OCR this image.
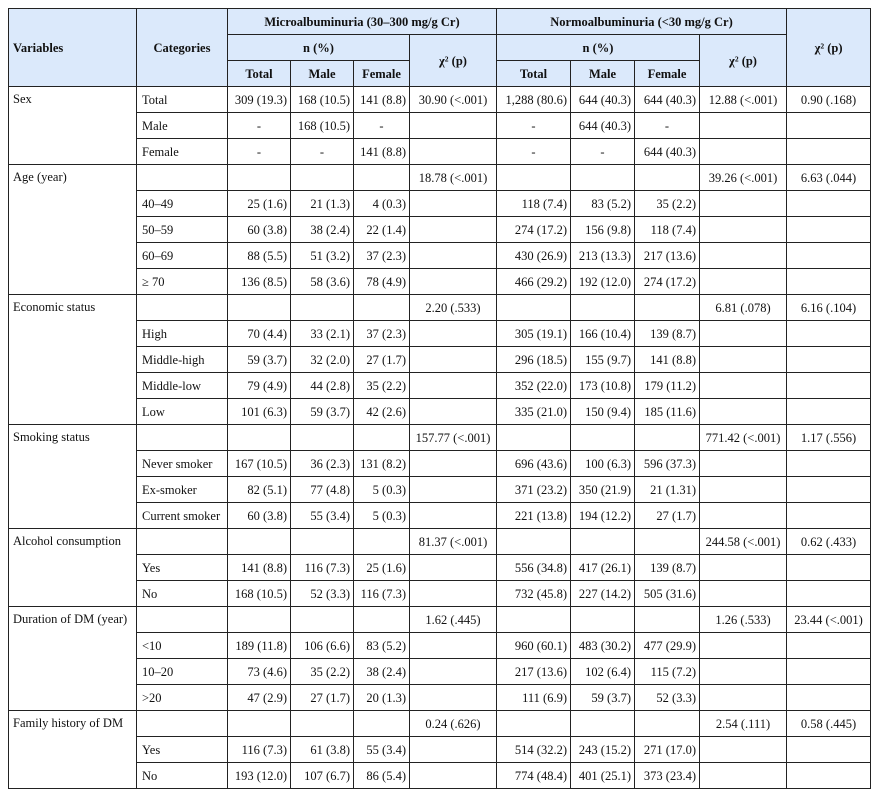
Variables	Categories	Microalbuminuria (30–300 mg/g Cr)				Normoalbuminuria (<30 mg/g Cr)				χ² (p)
		n (%)			χ² (p)	n (%)			χ² (p)	
		Total	Male	Female		Total	Male	Female		
Sex	Total	309 (19.3)	168 (10.5)	141 (8.8)	30.90 (<.001)	1,288 (80.6)	644 (40.3)	644 (40.3)	12.88 (<.001)	0.90 (.168)
	Male	-	168 (10.5)	-		-	644 (40.3)	-		
	Female	-	-	141 (8.8)		-	-	644 (40.3)		
Age (year)					18.78 (<.001)				39.26 (<.001)	6.63 (.044)
	40–49	25 (1.6)	21 (1.3)	4 (0.3)		118 (7.4)	83 (5.2)	35 (2.2)		
	50–59	60 (3.8)	38 (2.4)	22 (1.4)		274 (17.2)	156 (9.8)	118 (7.4)		
	60–69	88 (5.5)	51 (3.2)	37 (2.3)		430 (26.9)	213 (13.3)	217 (13.6)		
	≥ 70	136 (8.5)	58 (3.6)	78 (4.9)		466 (29.2)	192 (12.0)	274 (17.2)		
Economic status					2.20 (.533)				6.81 (.078)	6.16 (.104)
	High	70 (4.4)	33 (2.1)	37 (2.3)		305 (19.1)	166 (10.4)	139 (8.7)		
	Middle-high	59 (3.7)	32 (2.0)	27 (1.7)		296 (18.5)	155 (9.7)	141 (8.8)		
	Middle-low	79 (4.9)	44 (2.8)	35 (2.2)		352 (22.0)	173 (10.8)	179 (11.2)		
	Low	101 (6.3)	59 (3.7)	42 (2.6)		335 (21.0)	150 (9.4)	185 (11.6)		
Smoking status					157.77 (<.001)				771.42 (<.001)	1.17 (.556)
	Never smoker	167 (10.5)	36 (2.3)	131 (8.2)		696 (43.6)	100 (6.3)	596 (37.3)		
	Ex-smoker	82 (5.1)	77 (4.8)	5 (0.3)		371 (23.2)	350 (21.9)	21 (1.31)		
	Current smoker	60 (3.8)	55 (3.4)	5 (0.3)		221 (13.8)	194 (12.2)	27 (1.7)		
Alcohol consumption					81.37 (<.001)				244.58 (<.001)	0.62 (.433)
	Yes	141 (8.8)	116 (7.3)	25 (1.6)		556 (34.8)	417 (26.1)	139 (8.7)		
	No	168 (10.5)	52 (3.3)	116 (7.3)		732 (45.8)	227 (14.2)	505 (31.6)		
Duration of DM (year)					1.62 (.445)				1.26 (.533)	23.44 (<.001)
	<10	189 (11.8)	106 (6.6)	83 (5.2)		960 (60.1)	483 (30.2)	477 (29.9)		
	10–20	73 (4.6)	35 (2.2)	38 (2.4)		217 (13.6)	102 (6.4)	115 (7.2)		
	>20	47 (2.9)	27 (1.7)	20 (1.3)		111 (6.9)	59 (3.7)	52 (3.3)		
Family history of DM					0.24 (.626)				2.54 (.111)	0.58 (.445)
	Yes	116 (7.3)	61 (3.8)	55 (3.4)		514 (32.2)	243 (15.2)	271 (17.0)		
	No	193 (12.0)	107 (6.7)	86 (5.4)		774 (48.4)	401 (25.1)	373 (23.4)		
